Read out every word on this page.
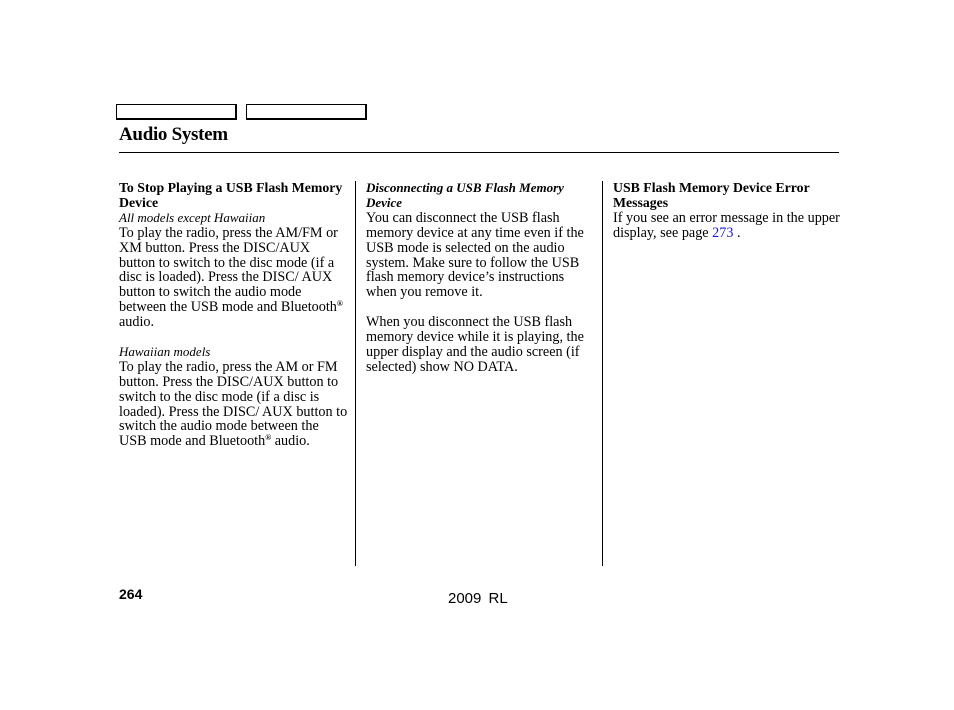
Audio System
To Stop Playing a USB Flash Memory Device
All models except Hawaiian

To play the radio, press the AM/FM or XM button. Press the DISC/AUX button to switch to the disc mode (if a disc is loaded). Press the DISC/ AUX button to switch the audio mode between the USB mode and Bluetooth® audio.

Hawaiian models

To play the radio, press the AM or FM button. Press the DISC/AUX button to switch to the disc mode (if a disc is loaded). Press the DISC/ AUX button to switch the audio mode between the USB mode and Bluetooth® audio.

Disconnecting a USB Flash Memory Device

You can disconnect the USB flash memory device at any time even if the USB mode is selected on the audio system. Make sure to follow the USB flash memory device’s instructions when you remove it.

When you disconnect the USB flash memory device while it is playing, the upper display and the audio screen (if selected) show NO DATA.

USB Flash Memory Device Error Messages

If you see an error message in the upper display, see page 273 .

264	2009 RL
